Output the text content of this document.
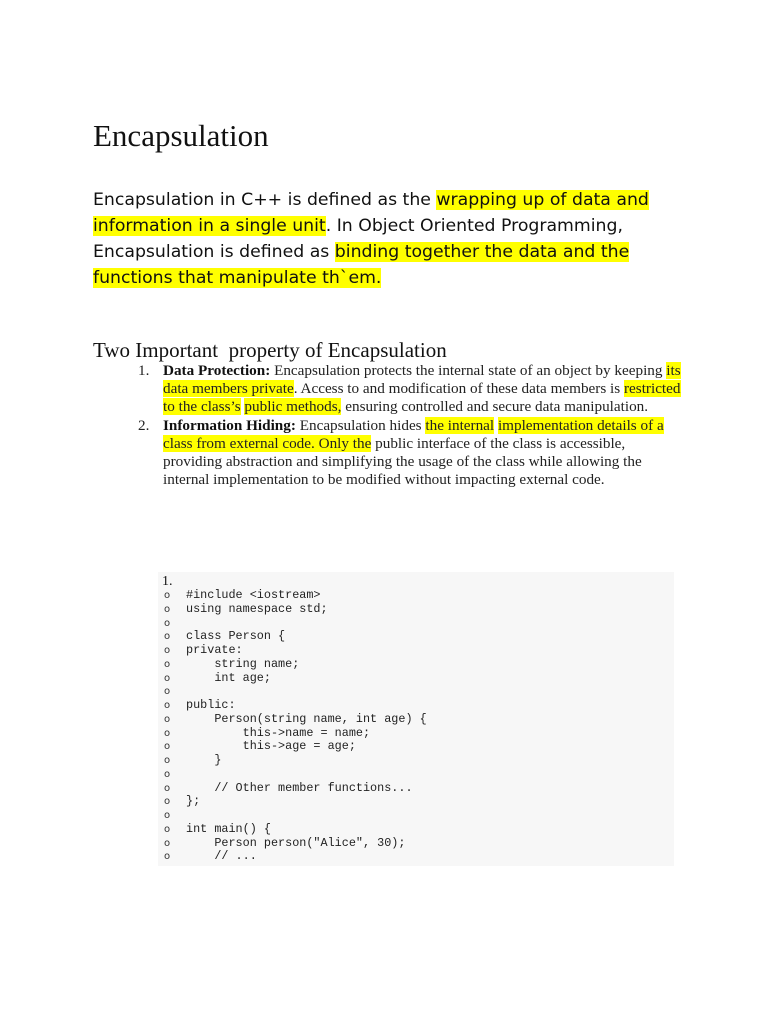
Encapsulation

Encapsulation in C++ is defined as the wrapping up of data and information in a single unit. In Object Oriented Programming, Encapsulation is defined as binding together the data and the functions that manipulate th`em.

Two Important  property of Encapsulation
1. Data Protection: Encapsulation protects the internal state of an object by keeping its data members private. Access to and modification of these data members is restricted to the class’s public methods, ensuring controlled and secure data manipulation.
2. Information Hiding: Encapsulation hides the internal implementation details of a class from external code. Only the public interface of the class is accessible, providing abstraction and simplifying the usage of the class while allowing the internal implementation to be modified without impacting external code.
1.
o #include <iostream>
o using namespace std;
o
o class Person {
o private:
o string name;
o int age;
o
o public:
o Person(string name, int age) {
o this->name = name;
o this->age = age;
o }
o
o // Other member functions...
o };
o
o int main() {
o Person person("Alice", 30);
o // ...
